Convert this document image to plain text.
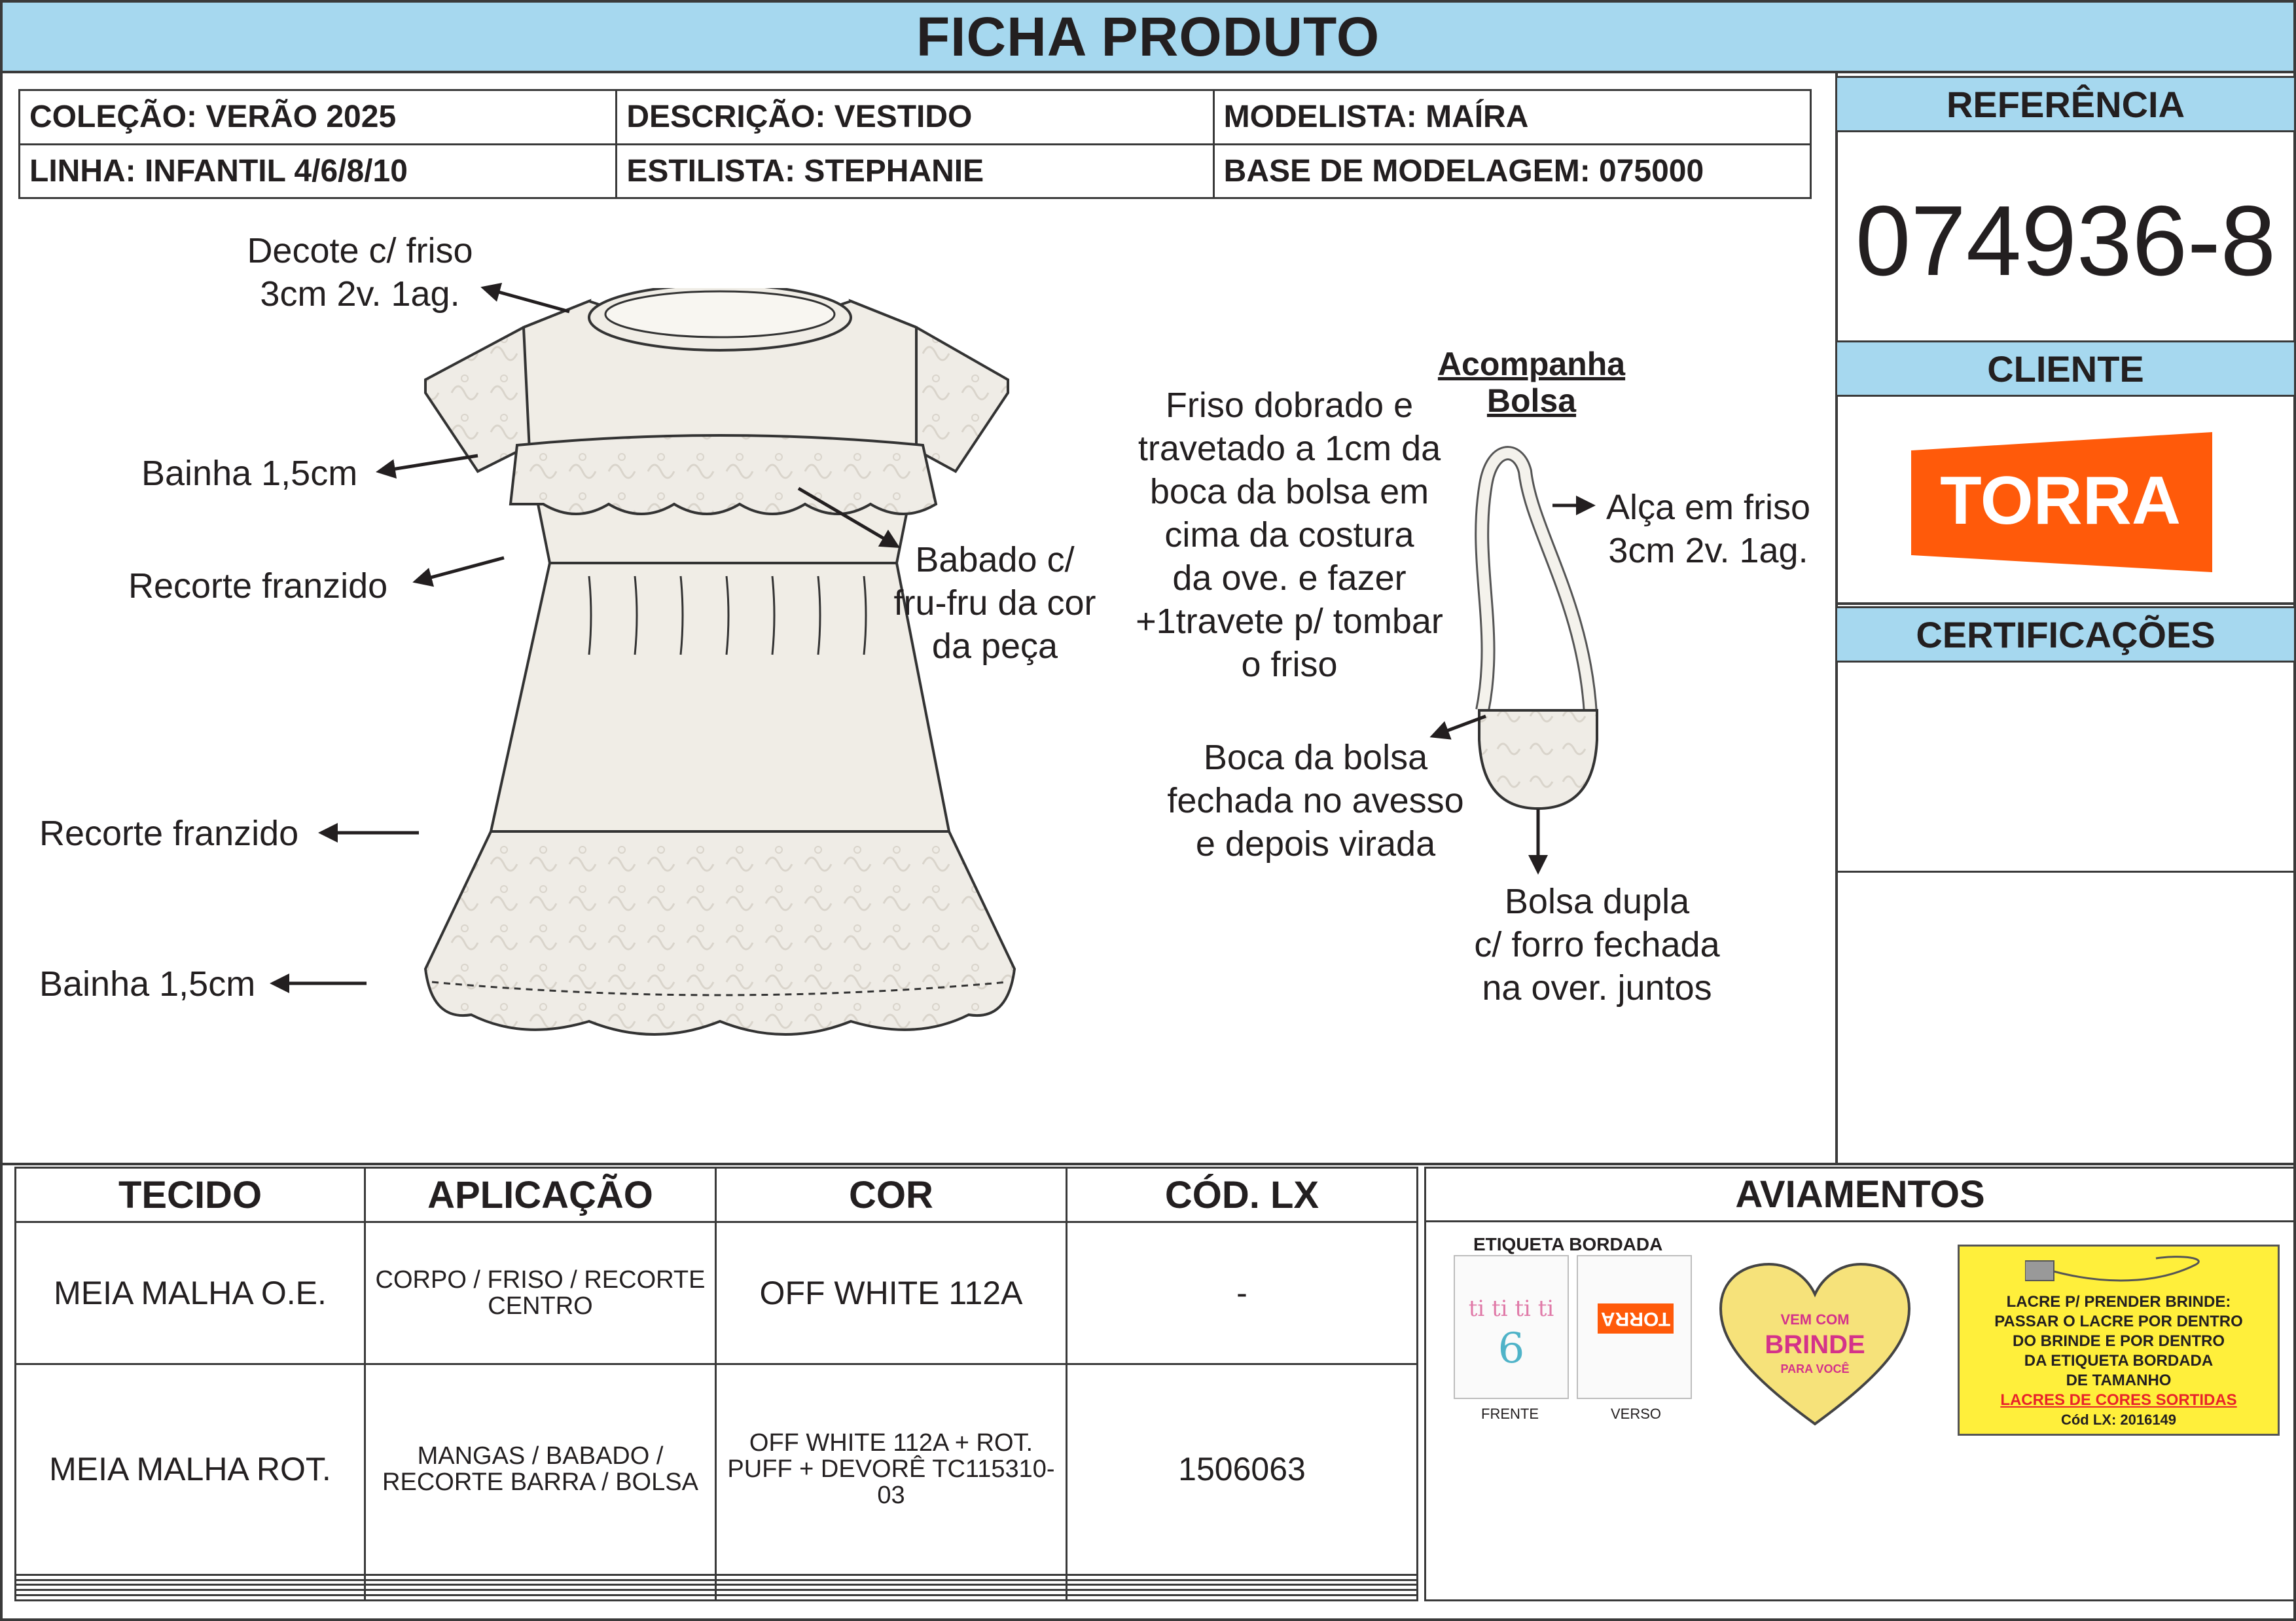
FICHA PRODUTO
COLEÇÃO: VERÃO 2025	DESCRIÇÃO: VESTIDO	MODELISTA: MAÍRA
LINHA: INFANTIL 4/6/8/10	ESTILISTA: STEPHANIE	BASE DE MODELAGEM: 075000
REFERÊNCIA
074936-8
CLIENTE
TORRA
CERTIFICAÇÕES
Decote c/ friso
3cm 2v. 1ag.
Bainha 1,5cm
Recorte franzido
Babado c/
fru-fru da cor
da peça
Recorte franzido
Bainha 1,5cm
Acompanha
Bolsa
Friso dobrado e
travetado a 1cm da
boca da bolsa em
cima da costura
da ove. e fazer
+1travete p/ tombar
o friso
Alça em friso
3cm 2v. 1ag.
Boca da bolsa
fechada no avesso
e depois virada
Bolsa dupla
c/ forro fechada
na over. juntos
TECIDO	APLICAÇÃO	COR	CÓD. LX
MEIA MALHA O.E.	CORPO / FRISO / RECORTE CENTRO	OFF WHITE 112A	-
MEIA MALHA ROT.	MANGAS / BABADO / RECORTE BARRA / BOLSA	OFF WHITE 112A + ROT. PUFF + DEVORÊ TC115310-03	1506063

AVIAMENTOS
ETIQUETA BORDADA
ti ti ti ti
6
TORRA
FRENTE	VERSO
VEM COM
BRINDE
PARA VOCÊ
LACRE P/ PRENDER BRINDE:
PASSAR O LACRE POR DENTRO
DO BRINDE E POR DENTRO
DA ETIQUETA BORDADA
DE TAMANHO
LACRES DE CORES SORTIDAS
Cód LX: 2016149
